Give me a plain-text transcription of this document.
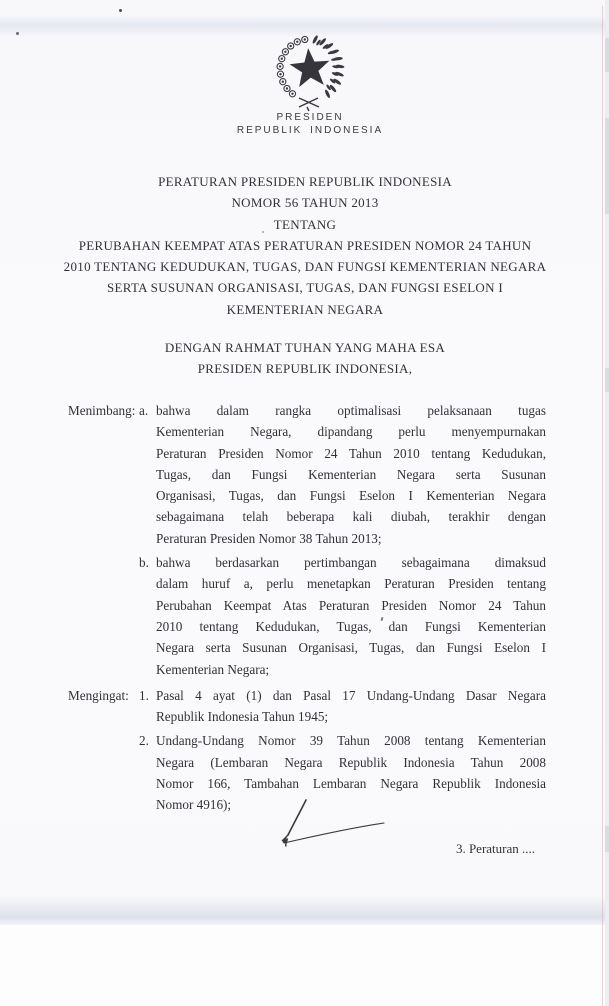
PRESIDEN
REPUBLIK INDONESIA
PERATURAN PRESIDEN REPUBLIK INDONESIA
NOMOR 56 TAHUN 2013
TENTANG
PERUBAHAN KEEMPAT ATAS PERATURAN PRESIDEN NOMOR 24 TAHUN
2010 TENTANG KEDUDUKAN, TUGAS, DAN FUNGSI KEMENTERIAN NEGARA
SERTA SUSUNAN ORGANISASI, TUGAS, DAN FUNGSI ESELON I
KEMENTERIAN NEGARA
DENGAN RAHMAT TUHAN YANG MAHA ESA
PRESIDEN REPUBLIK INDONESIA,
Menimbang: a. bahwa dalam rangka optimalisasi pelaksanaan tugas
Kementerian Negara, dipandang perlu menyempurnakan
Peraturan Presiden Nomor 24 Tahun 2010 tentang Kedudukan,
Tugas, dan Fungsi Kementerian Negara serta Susunan
Organisasi, Tugas, dan Fungsi Eselon I Kementerian Negara
sebagaimana telah beberapa kali diubah, terakhir dengan
Peraturan Presiden Nomor 38 Tahun 2013;
b. bahwa berdasarkan pertimbangan sebagaimana dimaksud
dalam huruf a, perlu menetapkan Peraturan Presiden tentang
Perubahan Keempat Atas Peraturan Presiden Nomor 24 Tahun
2010 tentang Kedudukan, Tugas, dan Fungsi Kementerian
Negara serta Susunan Organisasi, Tugas, dan Fungsi Eselon I
Kementerian Negara;
Mengingat: 1. Pasal 4 ayat (1) dan Pasal 17 Undang-Undang Dasar Negara
Republik Indonesia Tahun 1945;
2. Undang-Undang Nomor 39 Tahun 2008 tentang Kementerian
Negara (Lembaran Negara Republik Indonesia Tahun 2008
Nomor 166, Tambahan Lembaran Negara Republik Indonesia
Nomor 4916);
3. Peraturan ....
